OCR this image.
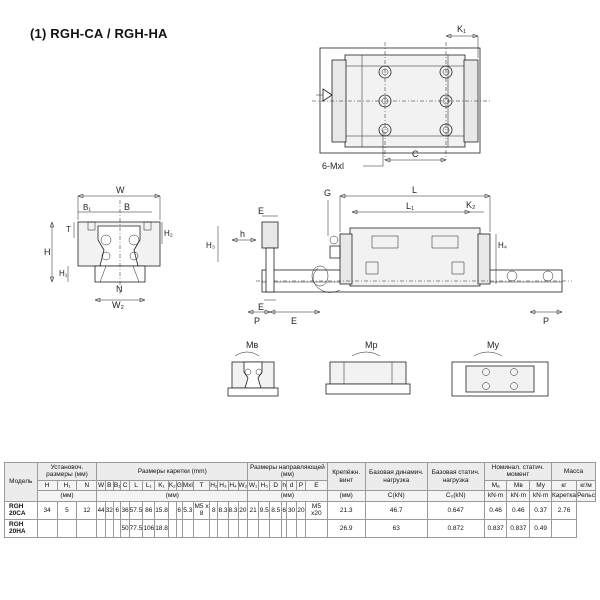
(1) RGH-CA / RGH-HA	K₁
C
6-Mxl
W
B₁	B
T	H₂
H
H₁
N
W₂
E
E
h
H₃	H₄
L
L₁
G
K₂
P	E	P
Mв	Mр	Mу
Модель	Установоч. размеры (мм)			Размеры каретки (mm)															Размеры направляющей (мм)							Крепёжн. винт	Базовая динамич. нагрузка	Базовая статич. нагрузка	Номинал. статич. момент			Масса	
	H	H₁	N	W	B	B₁	C	L	L₁	K₁	K₂	G	Mxl	T	H₂	H₃	H₄	W₂	W₁	H₅	D	h	d	P	E				Mₐ	Mв	Mу	кг	кг/м
	(мм)			(мм)															(мм)							(мм)	C(kN)	C₀(kN)	kN·m	kN·m	kN·m	Каретка	Рельс
RGH 20CA	34	5	12	44	32	6	36	57.5	86	15.8		6	5.3	M5 x 8	8	8.3	8.3	20	21	9.5	8.5	6	30	20	M5 x20	21.3	46.7	0.647	0.46	0.46	0.37	2.76	
RGH 20HA							50	77.5	106	18.8																26.9	63	0.872	0.837	0.837	0.49		
